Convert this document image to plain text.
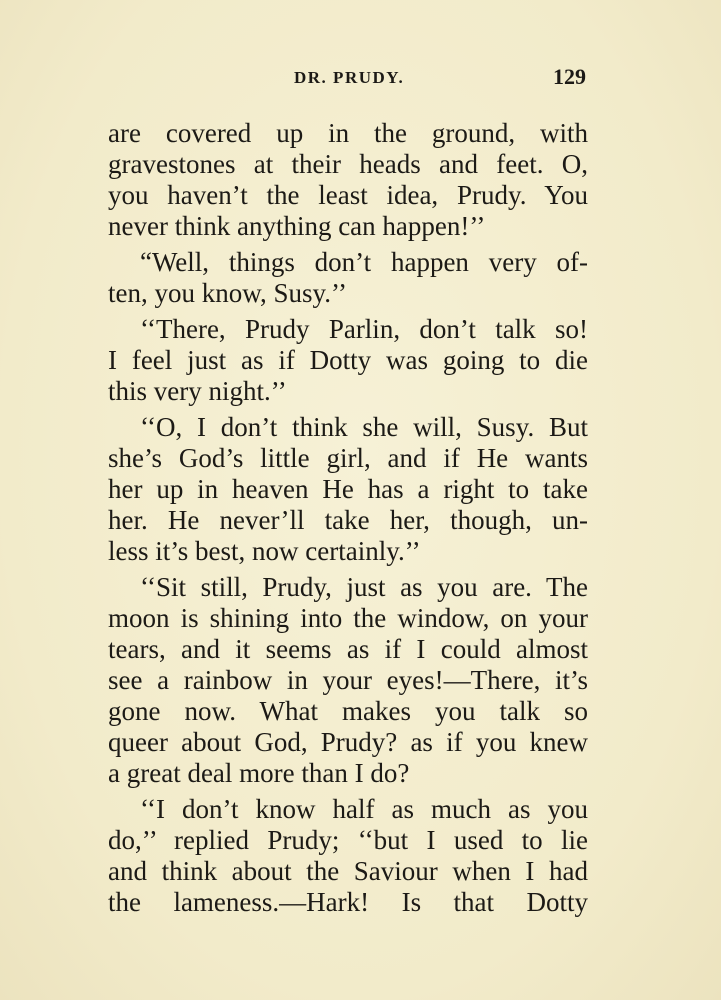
DR. PRUDY.	129

are covered up in the ground, with
gravestones at their heads and feet. O,
you haven’t the least idea, Prudy. You
never think anything can happen!’’

“Well, things don’t happen very of-
ten, you know, Susy.’’

‘‘There, Prudy Parlin, don’t talk so!
I feel just as if Dotty was going to die
this very night.’’

‘‘O, I don’t think she will, Susy. But
she’s God’s little girl, and if He wants
her up in heaven He has a right to take
her. He never’ll take her, though, un-
less it’s best, now certainly.’’

‘‘Sit still, Prudy, just as you are. The
moon is shining into the window, on your
tears, and it seems as if I could almost
see a rainbow in your eyes!—There, it’s
gone now. What makes you talk so
queer about God, Prudy? as if you knew
a great deal more than I do?

‘‘I don’t know half as much as you
do,’’ replied Prudy; ‘‘but I used to lie
and think about the Saviour when I had
the lameness.—Hark! Is that Dotty
